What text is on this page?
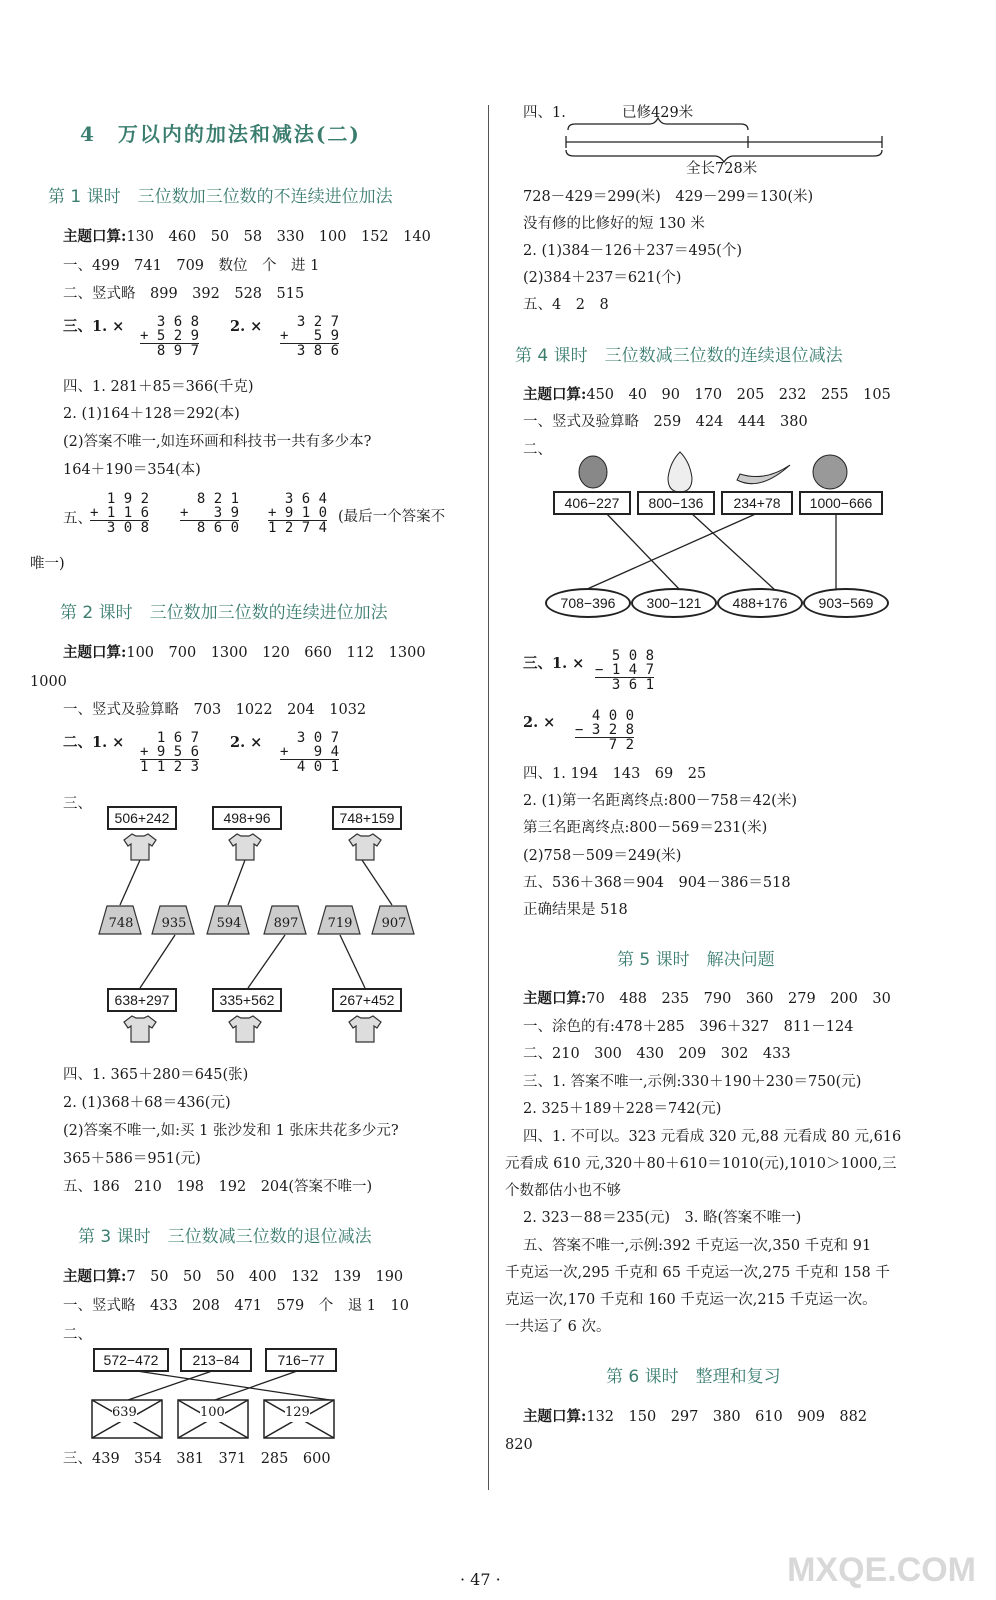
4　万以内的加法和减法(二)
第 1 课时　三位数加三位数的不连续进位加法
主题口算:130　460　50　58　330　100　152　140
一、499　741　709　数位　个　进 1
二、竖式略　899　392　528　515
三、1. × 3 6 8
+ 5 2 9
8 9 7
2. × 3 2 7
+   5 9
3 8 6
四、1. 281＋85＝366(千克)
2. (1)164＋128＝292(本)
(2)答案不唯一,如连环画和科技书一共有多少本?
164＋190＝354(本)
五、
1 9 2
+ 1 1 6
3 0 8
8 2 1
+   3 9
8 6 0
3 6 4
+ 9 1 0
1 2 7 4
(最后一个答案不
唯一)
第 2 课时　三位数加三位数的连续进位加法
主题口算:100　700　1300　120　660　112　1300
1000
一、竖式及验算略　703　1022　204　1032
二、1. × 1 6 7
+ 9 5 6
1 1 2 3
2. × 3 0 7
+   9 4
4 0 1
三、
506+242	498+96	748+159
748 935 594 897 719 907
638+297	335+562	267+452
四、1. 365＋280＝645(张)
2. (1)368＋68＝436(元)
(2)答案不唯一,如:买 1 张沙发和 1 张床共花多少元?
365＋586＝951(元)
五、186　210　198　192　204(答案不唯一)
第 3 课时　三位数减三位数的退位减法
主题口算:7　50　50　50　400　132　139　190
一、竖式略　433　208　471　579　个　退 1　10
二、
572−472	213−84	716−77
639	100	129
三、439　354　381　371　285　600
四、1.	已修429米
全长728米
728－429＝299(米)　429－299＝130(米)
没有修的比修好的短 130 米
2. (1)384－126＋237＝495(个)
(2)384＋237＝621(个)
五、4　2　8
第 4 课时　三位数减三位数的连续退位减法
主题口算:450　40　90　170　205　232　255　105
一、竖式及验算略　259　424　444　380
二、
406−227	800−136	234+78	1000−666
708−396	300−121	488+176	903−569
三、1. × 5 0 8
− 1 4 7
3 6 1
2. × 4 0 0
− 3 2 8
7 2
四、1. 194　143　69　25
2. (1)第一名距离终点:800－758＝42(米)
第三名距离终点:800－569＝231(米)
(2)758－509＝249(米)
五、536＋368＝904　904－386＝518
正确结果是 518
第 5 课时　解决问题
主题口算:70　488　235　790　360　279　200　30
一、涂色的有:478＋285　396＋327　811－124
二、210　300　430　209　302　433
三、1. 答案不唯一,示例:330＋190＋230＝750(元)
2. 325＋189＋228＝742(元)
四、1. 不可以。323 元看成 320 元,88 元看成 80 元,616
元看成 610 元,320＋80＋610＝1010(元),1010＞1000,三
个数都估小也不够
2. 323－88＝235(元)　3. 略(答案不唯一)
五、答案不唯一,示例:392 千克运一次,350 千克和 91
千克运一次,295 千克和 65 千克运一次,275 千克和 158 千
克运一次,170 千克和 160 千克运一次,215 千克运一次。
一共运了 6 次。
第 6 课时　整理和复习
主题口算:132　150　297　380　610　909　882
820
· 47 ·	MXQE.COM
